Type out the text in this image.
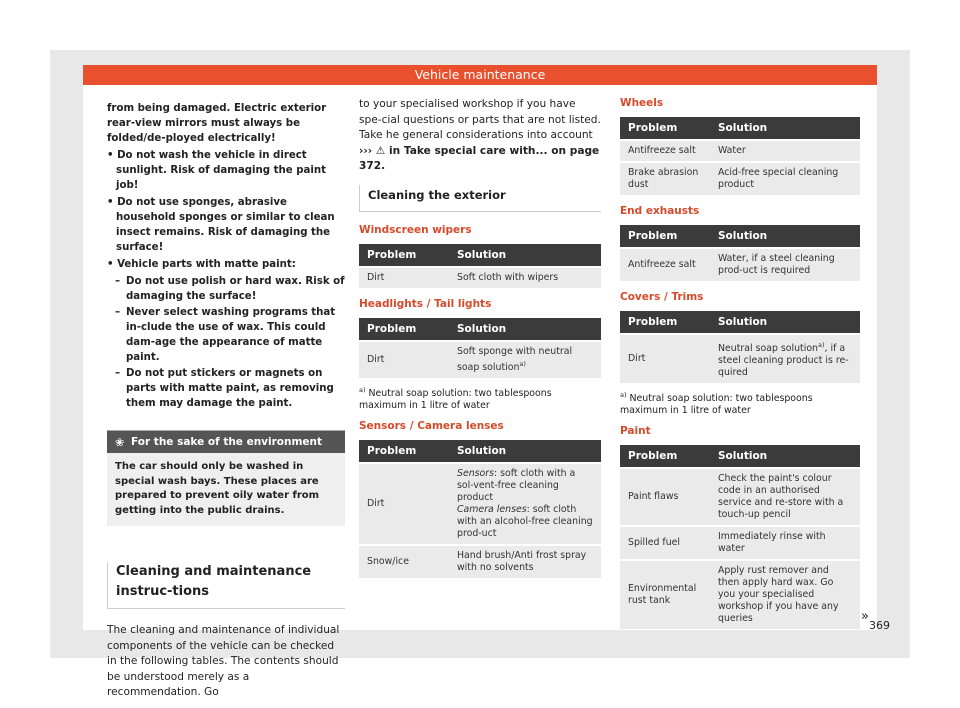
Vehicle maintenance

from being damaged. Electric exterior rear-view mirrors must always be folded/de-ployed electrically!

• Do not wash the vehicle in direct sunlight. Risk of damaging the paint job!

• Do not use sponges, abrasive household sponges or similar to clean insect remains. Risk of damaging the surface!

• Vehicle parts with matte paint:

– Do not use polish or hard wax. Risk of damaging the surface!
– Never select washing programs that in-clude the use of wax. This could dam-age the appearance of matte paint.
– Do not put stickers or magnets on parts with matte paint, as removing them may damage the paint.
❀ For the sake of the environment
The car should only be washed in special wash bays. These places are prepared to prevent oily water from getting into the public drains.
Cleaning and maintenance instruc-tions
The cleaning and maintenance of individual components of the vehicle can be checked in the following tables. The contents should be understood merely as a recommendation. Go
to your specialised workshop if you have spe-cial questions or parts that are not listed. Take he general considerations into account ››› ⚠ in Take special care with... on page 372.
Cleaning the exterior
Windscreen wipers
Problem	Solution
Dirt	Soft cloth with wipers
Headlights / Tail lights
Problem	Solution
Dirt	Soft sponge with neutral soap solution$^{a)}$
$^{a)}$ Neutral soap solution: two tablespoons maximum in 1 litre of water
Sensors / Camera lenses
Problem	Solution
Dirt	Sensors: soft cloth with a sol-vent-free cleaning product
Camera lenses: soft cloth with an alcohol-free cleaning prod-uct
Snow/ice	Hand brush/Anti frost spray with no solvents
Wheels
Problem	Solution
Antifreeze salt	Water
Brake abrasion dust	Acid-free special cleaning product
End exhausts
Problem	Solution
Antifreeze salt	Water, if a steel cleaning prod-uct is required
Covers / Trims
Problem	Solution
Dirt	Neutral soap solution$^{a)}$, if a steel cleaning product is re-quired
$^{a)}$ Neutral soap solution: two tablespoons maximum in 1 litre of water
Paint
Problem	Solution
Paint flaws	Check the paint's colour code in an authorised service and re-store with a touch-up pencil
Spilled fuel	Immediately rinse with water
Environmental rust tank	Apply rust remover and then apply hard wax. Go you your specialised workshop if you have any queries	»
369
